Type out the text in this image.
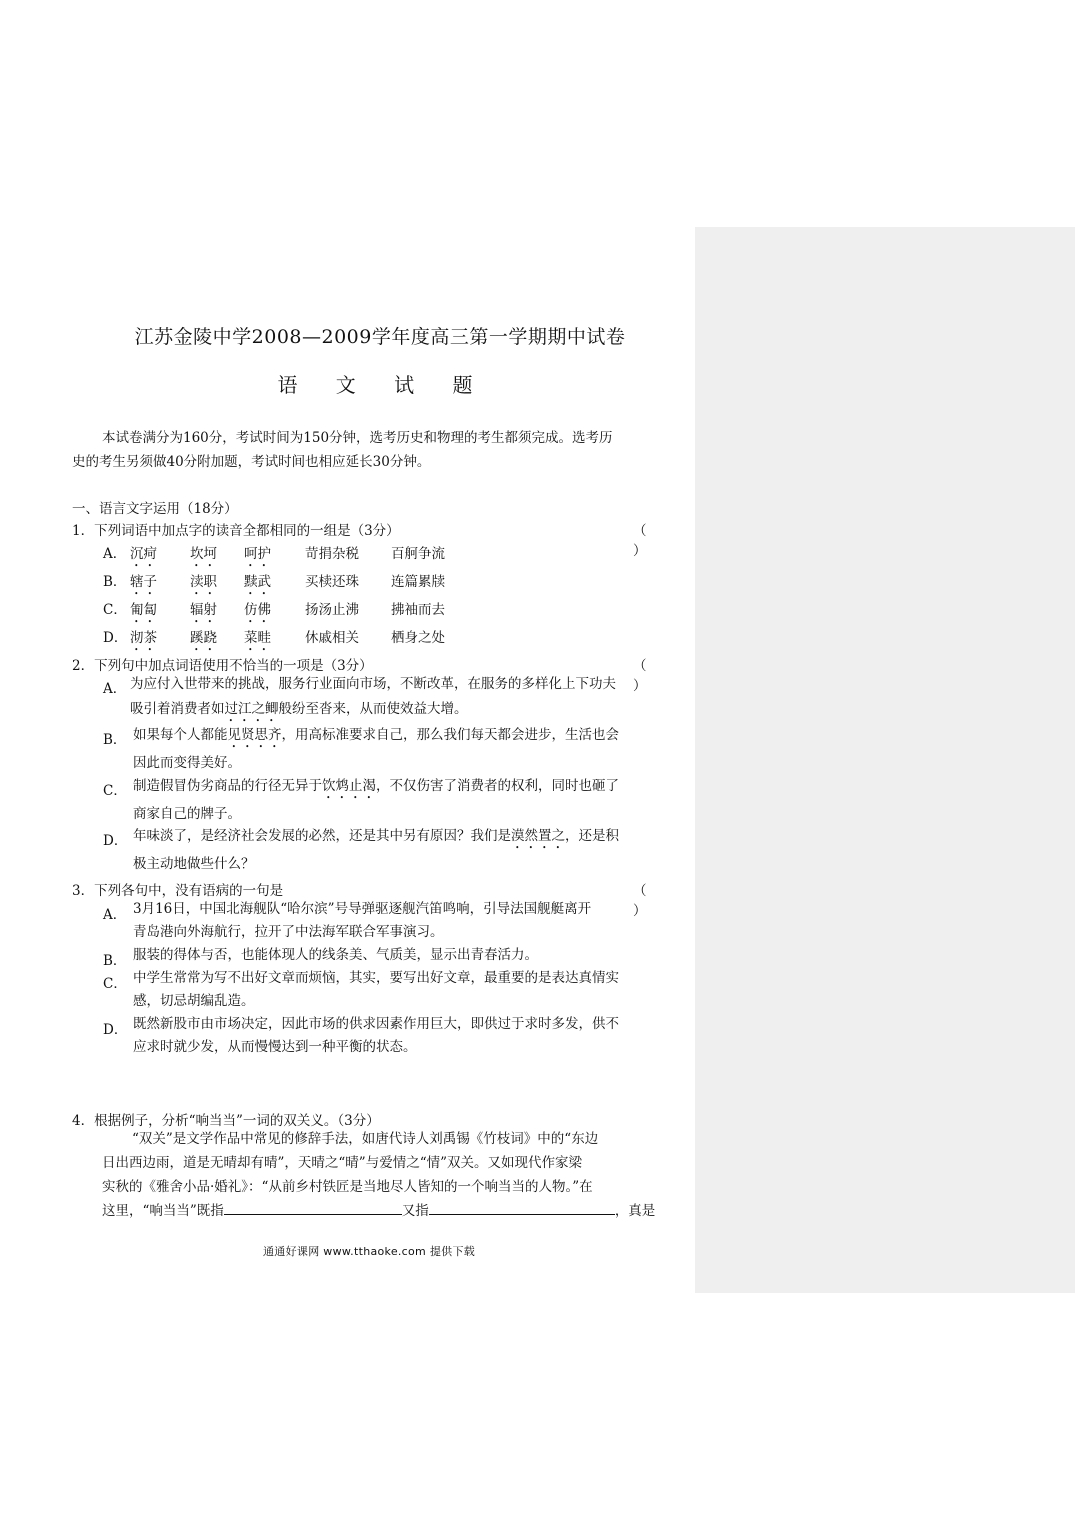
江苏金陵中学2008—2009学年度高三第一学期期中试卷
语 文 试 题
本试卷满分为160分，考试时间为150分钟，选考历史和物理的考生都须完成。选考历
史的考生另须做40分附加题，考试时间也相应延长30分钟。
一、语言文字运用（18分）
1．下列词语中加点字的读音全都相同的一组是（3分）	（ ）
A． 沉疴 坎坷 呵护	苛捐杂税 百舸争流
B． 辖子 渎职 黩武	买椟还珠 连篇累牍
C． 匍匐 辐射 仿佛	扬汤止沸 拂袖而去
D． 沏茶 蹊跷 菜畦	休戚相关 栖身之处
2．下列句中加点词语使用不恰当的一项是（3分）	（ ）
A． 为应付入世带来的挑战，服务行业面向市场，不断改革，在服务的多样化上下功夫
吸引着消费者如过江之鲫般纷至沓来，从而使效益大增。
B． 如果每个人都能见贤思齐，用高标准要求自己，那么我们每天都会进步，生活也会
因此而变得美好。
C． 制造假冒伪劣商品的行径无异于饮鸩止渴，不仅伤害了消费者的权利，同时也砸了
商家自己的牌子。
D． 年味淡了，是经济社会发展的必然，还是其中另有原因？我们是漠然置之，还是积
极主动地做些什么？
3．下列各句中，没有语病的一句是	（ ）
A． 3月16日，中国北海舰队“哈尔滨”号导弹驱逐舰汽笛鸣响，引导法国舰艇离开
青岛港向外海航行，拉开了中法海军联合军事演习。
B． 服装的得体与否，也能体现人的线条美、气质美，显示出青春活力。
C． 中学生常常为写不出好文章而烦恼，其实，要写出好文章，最重要的是表达真情实
感，切忌胡编乱造。
D． 既然新股市由市场决定，因此市场的供求因素作用巨大，即供过于求时多发，供不
应求时就少发，从而慢慢达到一种平衡的状态。
4．根据例子，分析“响当当”一词的双关义。（3分）
“双关”是文学作品中常见的修辞手法，如唐代诗人刘禹锡《竹枝词》中的“东边
日出西边雨，道是无晴却有晴”，天晴之“晴”与爱情之“情”双关。又如现代作家梁
实秋的《雅舍小品·婚礼》：“从前乡村铁匠是当地尽人皆知的一个响当当的人物。”在
这里，“响当当”既指	又指	，真是
通通好课网 www.tthaoke.com 提供下载
